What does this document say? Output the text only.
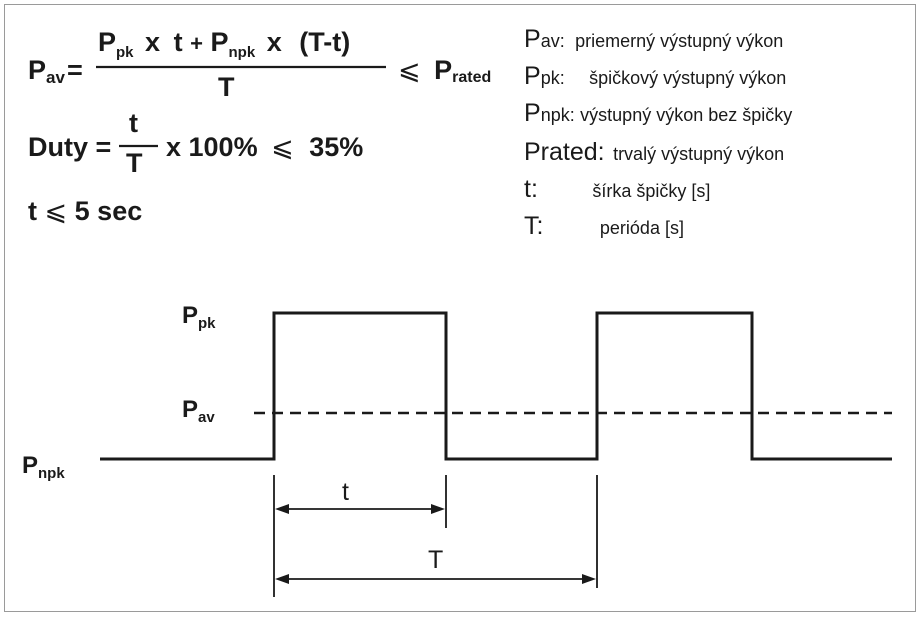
Pav=
$P_{pk}$ x $t + P_{npk}$ x (T-t)
T
⩽ Prated
Duty =
t
T
x 100% ⩽ 35%
t ⩽ 5 sec
Pav: priemerný výstupný výkon
Ppk: špičkový výstupný výkon
Pnpk: výstupný výkon bez špičky
Prated: trvalý výstupný výkon
t:	šírka špičky [s]
T:	perióda [s]
$P_{pk}$
$P_{av}$
$P_{npk}$
t
T
